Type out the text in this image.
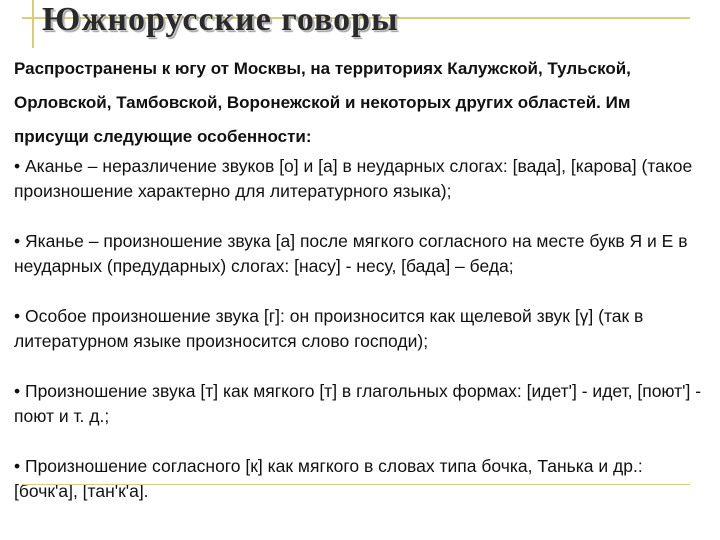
Южнорусские говоры

Распространены к югу от Москвы, на территориях Калужской, Тульской, Орловской, Тамбовской, Воронежской и некоторых других областей. Им присущи следующие особенности:

• Аканье – неразличение звуков [о] и [а] в неударных слогах: [вада], [карова] (такое произношение характерно для литературного языка);

• Яканье – произношение звука [а] после мягкого согласного на месте букв Я и Е в неударных (предударных) слогах: [насу] - несу, [бада] – беда;

• Особое произношение звука [г]: он произносится как щелевой звук [γ] (так в литературном языке произносится слово господи);

• Произношение звука [т] как мягкого [т] в глагольных формах: [идет'] - идет, [поют'] - поют и т. д.;

• Произношение согласного [к] как мягкого в словах типа бочка, Танька и др.: [бочк'а], [тан'к'а].
